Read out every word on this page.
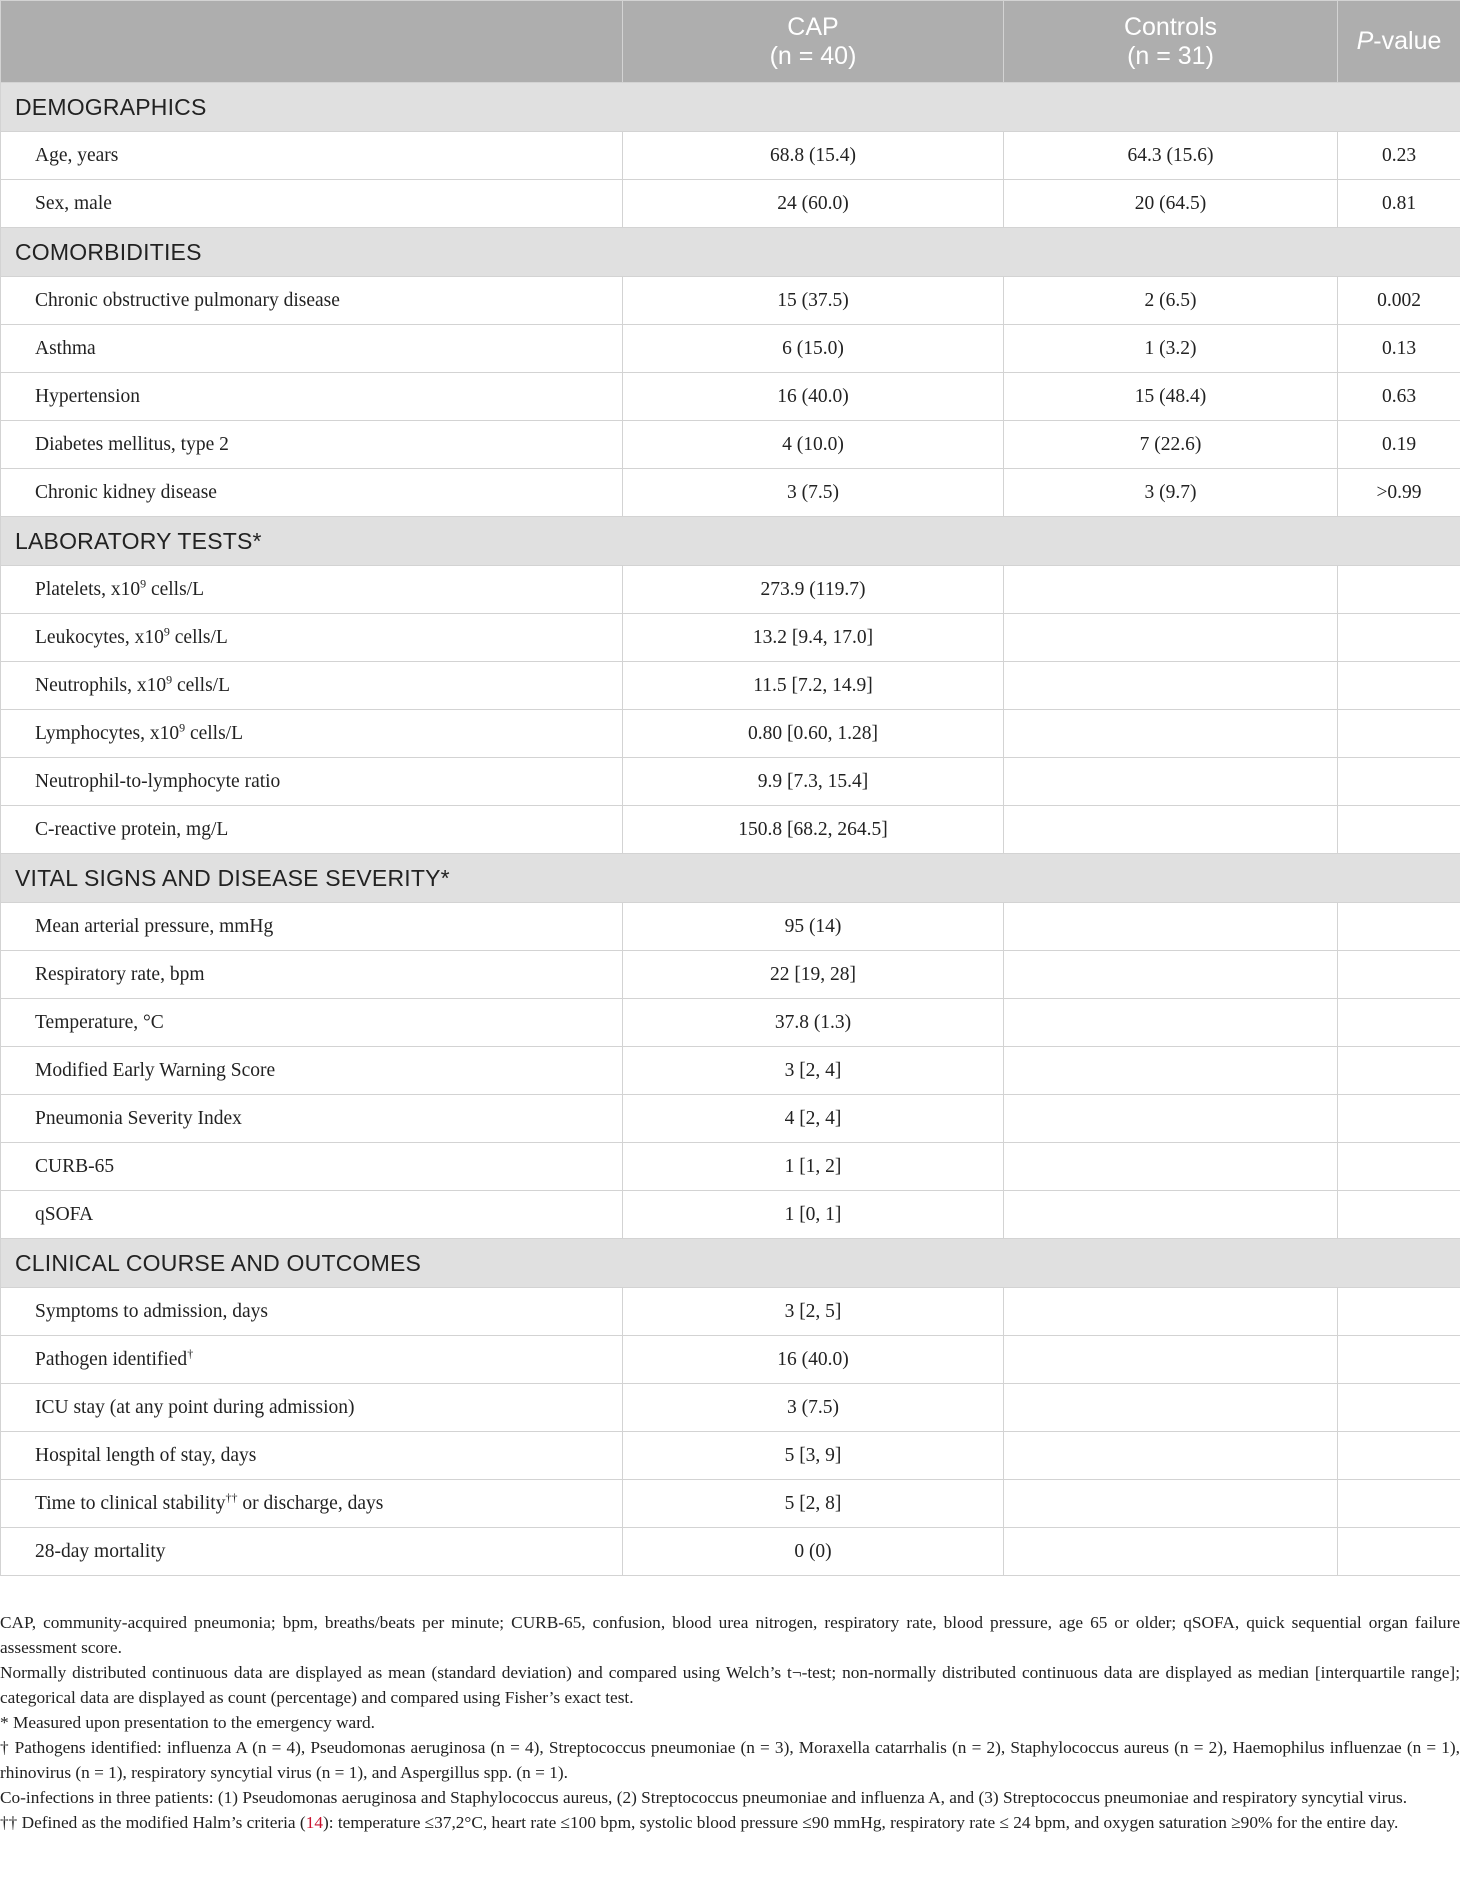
	CAP
(n = 40)	Controls
(n = 31)	P-value
DEMOGRAPHICS			
Age, years	68.8 (15.4)	64.3 (15.6)	0.23
Sex, male	24 (60.0)	20 (64.5)	0.81
COMORBIDITIES			
Chronic obstructive pulmonary disease	15 (37.5)	2 (6.5)	0.002
Asthma	6 (15.0)	1 (3.2)	0.13
Hypertension	16 (40.0)	15 (48.4)	0.63
Diabetes mellitus, type 2	4 (10.0)	7 (22.6)	0.19
Chronic kidney disease	3 (7.5)	3 (9.7)	>0.99
LABORATORY TESTS*			
Platelets, $x10^9$ cells/L	273.9 (119.7)		
Leukocytes, $x10^9$ cells/L	13.2 [9.4, 17.0]		
Neutrophils, $x10^9$ cells/L	11.5 [7.2, 14.9]		
Lymphocytes, $x10^9$ cells/L	0.80 [0.60, 1.28]		
Neutrophil-to-lymphocyte ratio	9.9 [7.3, 15.4]		
C-reactive protein, mg/L	150.8 [68.2, 264.5]		
VITAL SIGNS AND DISEASE SEVERITY*			
Mean arterial pressure, mmHg	95 (14)		
Respiratory rate, bpm	22 [19, 28]		
Temperature, °C	37.8 (1.3)		
Modified Early Warning Score	3 [2, 4]		
Pneumonia Severity Index	4 [2, 4]		
CURB-65	1 [1, 2]		
qSOFA	1 [0, 1]		
CLINICAL COURSE AND OUTCOMES			
Symptoms to admission, days	3 [2, 5]		
Pathogen identified†	16 (40.0)		
ICU stay (at any point during admission)	3 (7.5)		
Hospital length of stay, days	5 [3, 9]		
Time to clinical stability†† or discharge, days	5 [2, 8]		
28-day mortality	0 (0)		

CAP, community-acquired pneumonia; bpm, breaths/beats per minute; CURB-65, confusion, blood urea nitrogen, respiratory rate, blood pressure, age 65 or older; qSOFA, quick sequential organ failure assessment score.

Normally distributed continuous data are displayed as mean (standard deviation) and compared using Welch’s t¬-test; non-normally distributed continuous data are displayed as median [interquartile range]; categorical data are displayed as count (percentage) and compared using Fisher’s exact test.

* Measured upon presentation to the emergency ward.

† Pathogens identified: influenza A (n = 4), Pseudomonas aeruginosa (n = 4), Streptococcus pneumoniae (n = 3), Moraxella catarrhalis (n = 2), Staphylococcus aureus (n = 2), Haemophilus influenzae (n = 1), rhinovirus (n = 1), respiratory syncytial virus (n = 1), and Aspergillus spp. (n = 1).

Co-infections in three patients: (1) Pseudomonas aeruginosa and Staphylococcus aureus, (2) Streptococcus pneumoniae and influenza A, and (3) Streptococcus pneumoniae and respiratory syncytial virus.

†† Defined as the modified Halm’s criteria (14): temperature ≤37,2°C, heart rate ≤100 bpm, systolic blood pressure ≤90 mmHg, respiratory rate ≤ 24 bpm, and oxygen saturation ≥90% for the entire day.
